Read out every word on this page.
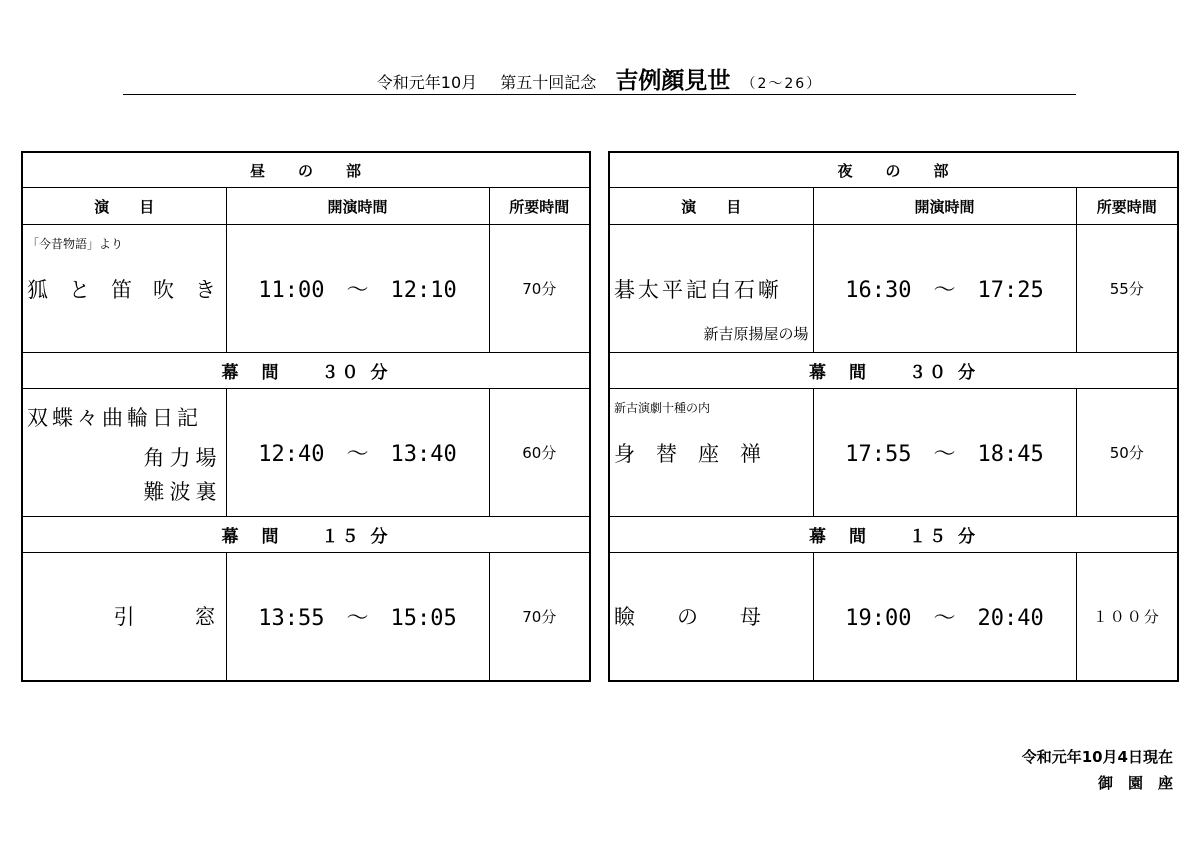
令和元年10月 第五十回記念 吉例顔見世 （2～26）
昼　　の　　部		
演　　目	開演時間	所要時間

「今昔物語」より
狐　と　笛　吹　き	11:00　～　12:10	70分
幕　間　　３０ 分		

双蝶々曲輪日記
角力場
難波裏	12:40　～　13:40	60分
幕　間　　１５ 分		
引　　窓	13:55　～　15:05	70分
夜　　の　　部		
演　　目	開演時間	所要時間

碁太平記白石噺
新吉原揚屋の場	16:30　～　17:25	55分
幕　間　　３０ 分		

新古演劇十種の内
身　替　座　禅	17:55　～　18:45	50分
幕　間　　１５ 分		

瞼　　の　　母	19:00　～　20:40	１００分
令和元年10月4日現在
御　園　座
